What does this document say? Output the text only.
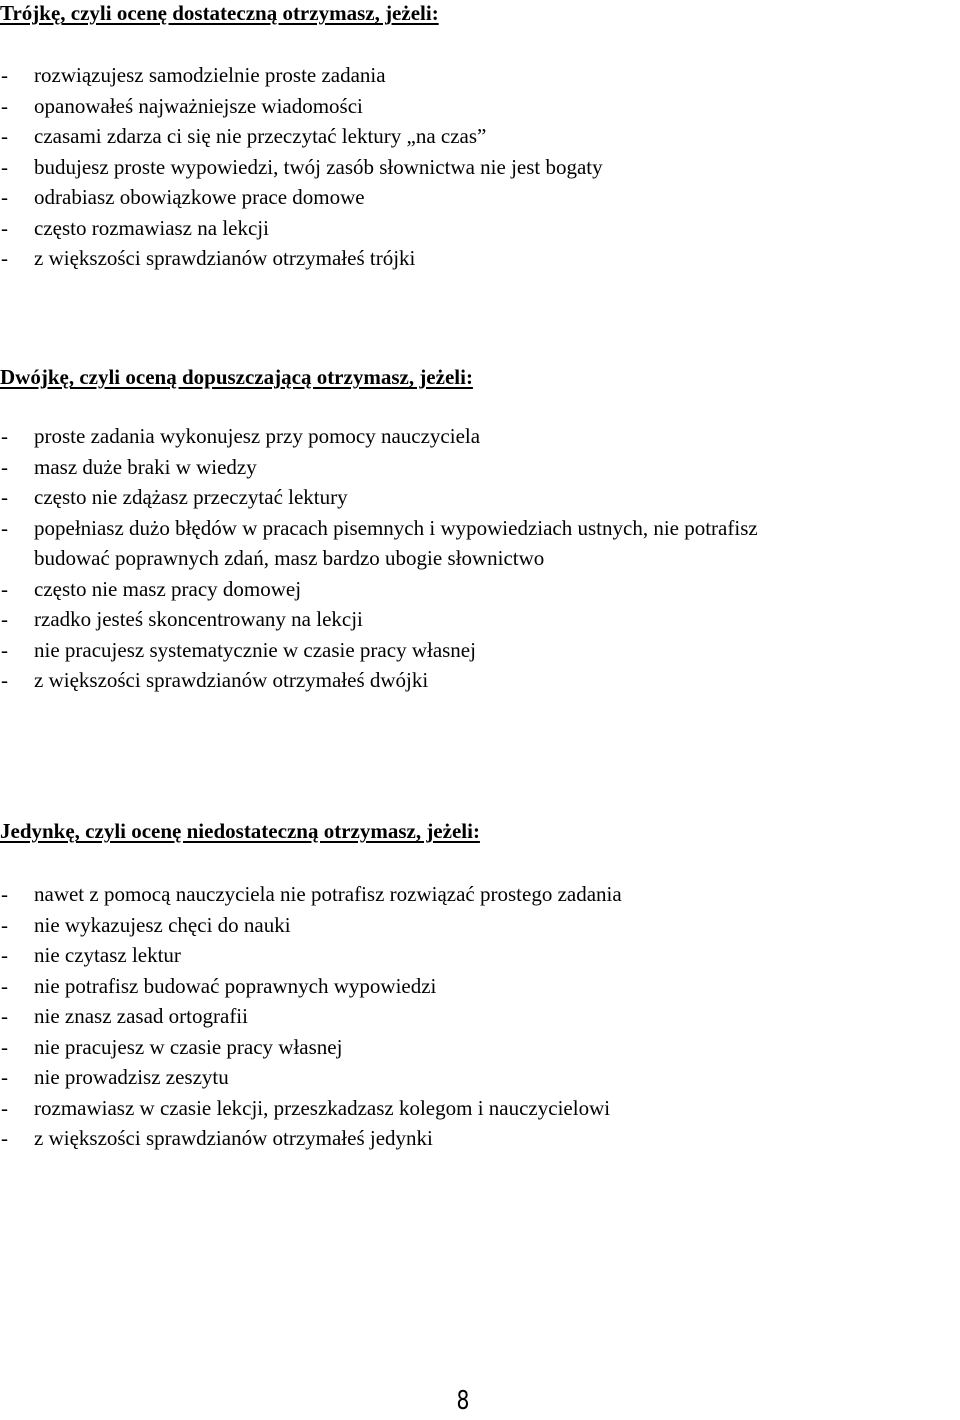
Trójkę, czyli ocenę dostateczną otrzymasz, jeżeli:
- rozwiązujesz samodzielnie proste zadania
- opanowałeś najważniejsze wiadomości
- czasami zdarza ci się nie przeczytać lektury „na czas”
- budujesz proste wypowiedzi, twój zasób słownictwa nie jest bogaty
- odrabiasz obowiązkowe prace domowe
- często rozmawiasz na lekcji
- z większości sprawdzianów otrzymałeś trójki
Dwójkę, czyli oceną dopuszczającą otrzymasz, jeżeli:
- proste zadania wykonujesz przy pomocy nauczyciela
- masz duże braki w wiedzy
- często nie zdążasz przeczytać lektury
- popełniasz dużo błędów w pracach pisemnych i wypowiedziach ustnych, nie potrafisz
budować poprawnych zdań, masz bardzo ubogie słownictwo
- często nie masz pracy domowej
- rzadko jesteś skoncentrowany na lekcji
- nie pracujesz systematycznie w czasie pracy własnej
- z większości sprawdzianów otrzymałeś dwójki
Jedynkę, czyli ocenę niedostateczną otrzymasz, jeżeli:
- nawet z pomocą nauczyciela nie potrafisz rozwiązać prostego zadania
- nie wykazujesz chęci do nauki
- nie czytasz lektur
- nie potrafisz budować poprawnych wypowiedzi
- nie znasz zasad ortografii
- nie pracujesz w czasie pracy własnej
- nie prowadzisz zeszytu
- rozmawiasz w czasie lekcji, przeszkadzasz kolegom i nauczycielowi
- z większości sprawdzianów otrzymałeś jedynki
8
